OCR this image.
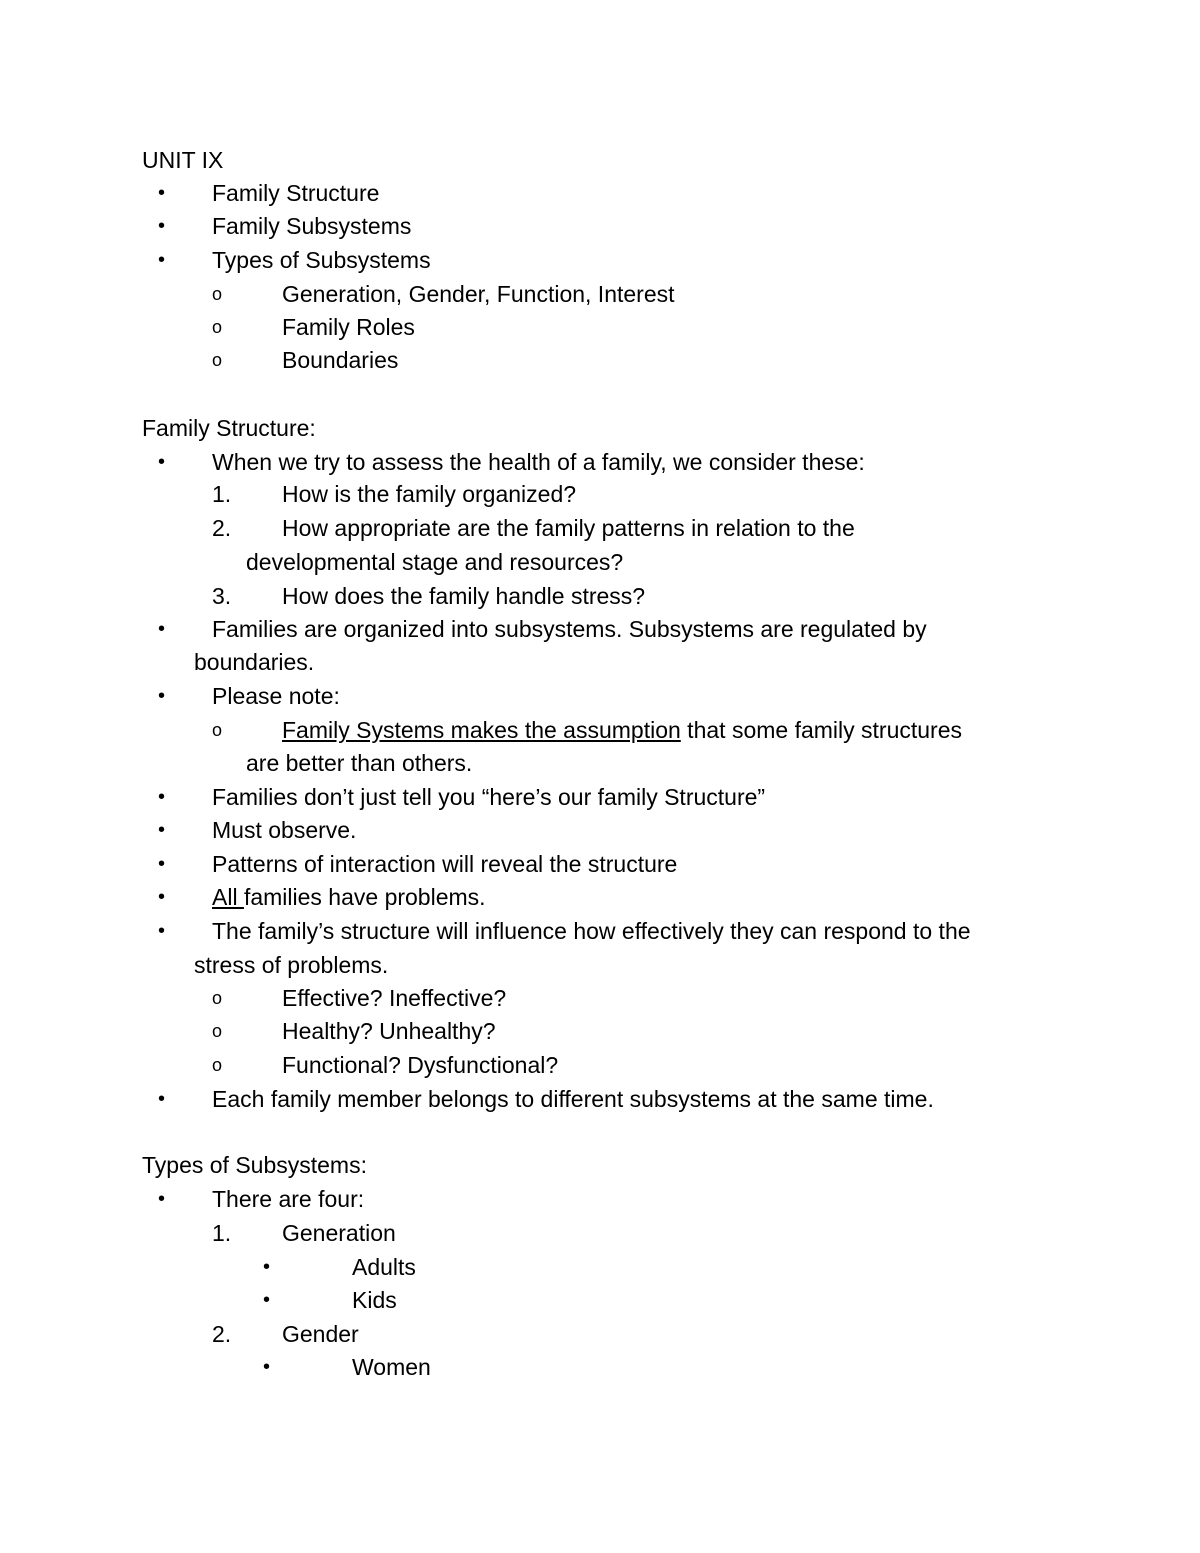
UNIT IX
• Family Structure
• Family Subsystems
• Types of Subsystems
o	Generation, Gender, Function, Interest
o	Family Roles
o	Boundaries
Family Structure:
• When we try to assess the health of a family, we consider these:
1. How is the family organized?
2. How appropriate are the family patterns in relation to the
developmental stage and resources?
3. How does the family handle stress?
• Families are organized into subsystems. Subsystems are regulated by
boundaries.
• Please note:
o	Family Systems makes the assumption that some family structures
are better than others.
• Families don’t just tell you “here’s our family Structure”
• Must observe.
• Patterns of interaction will reveal the structure
• All families have problems.
• The family’s structure will influence how effectively they can respond to the
stress of problems.
o	Effective? Ineffective?
o	Healthy? Unhealthy?
o	Functional? Dysfunctional?
• Each family member belongs to different subsystems at the same time.
Types of Subsystems:
• There are four:
1. Generation
•	Adults
•	Kids
2. Gender
•	Women
